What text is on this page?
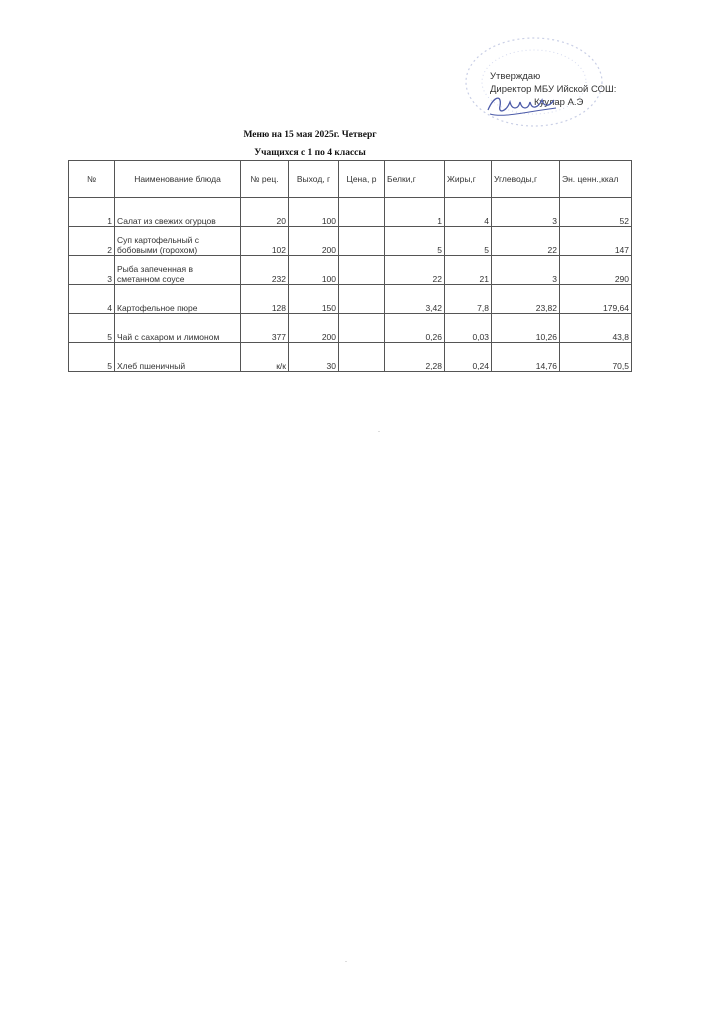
Утверждаю
Директор МБУ Ийской СОШ:
Куулар А.Э
Меню на 15 мая 2025г. Четверг
Учащихся с 1 по 4 классы
№	Наименование блюда	№ рец.	Выход, г	Цена, р	Белки,г	Жиры,г	Углеводы,г	Эн. ценн.,ккал
1	Салат из свежих огурцов	20	100		1	4	3	52
2	Суп картофельный с бобовыми (горохом)	102	200		5	5	22	147
3	Рыба запеченная в сметанном соусе	232	100		22	21	3	290
4	Картофельное пюре	128	150		3,42	7,8	23,82	179,64
5	Чай с сахаром и лимоном	377	200		0,26	0,03	10,26	43,8
5	Хлеб пшеничный	к/к	30		2,28	0,24	14,76	70,5
